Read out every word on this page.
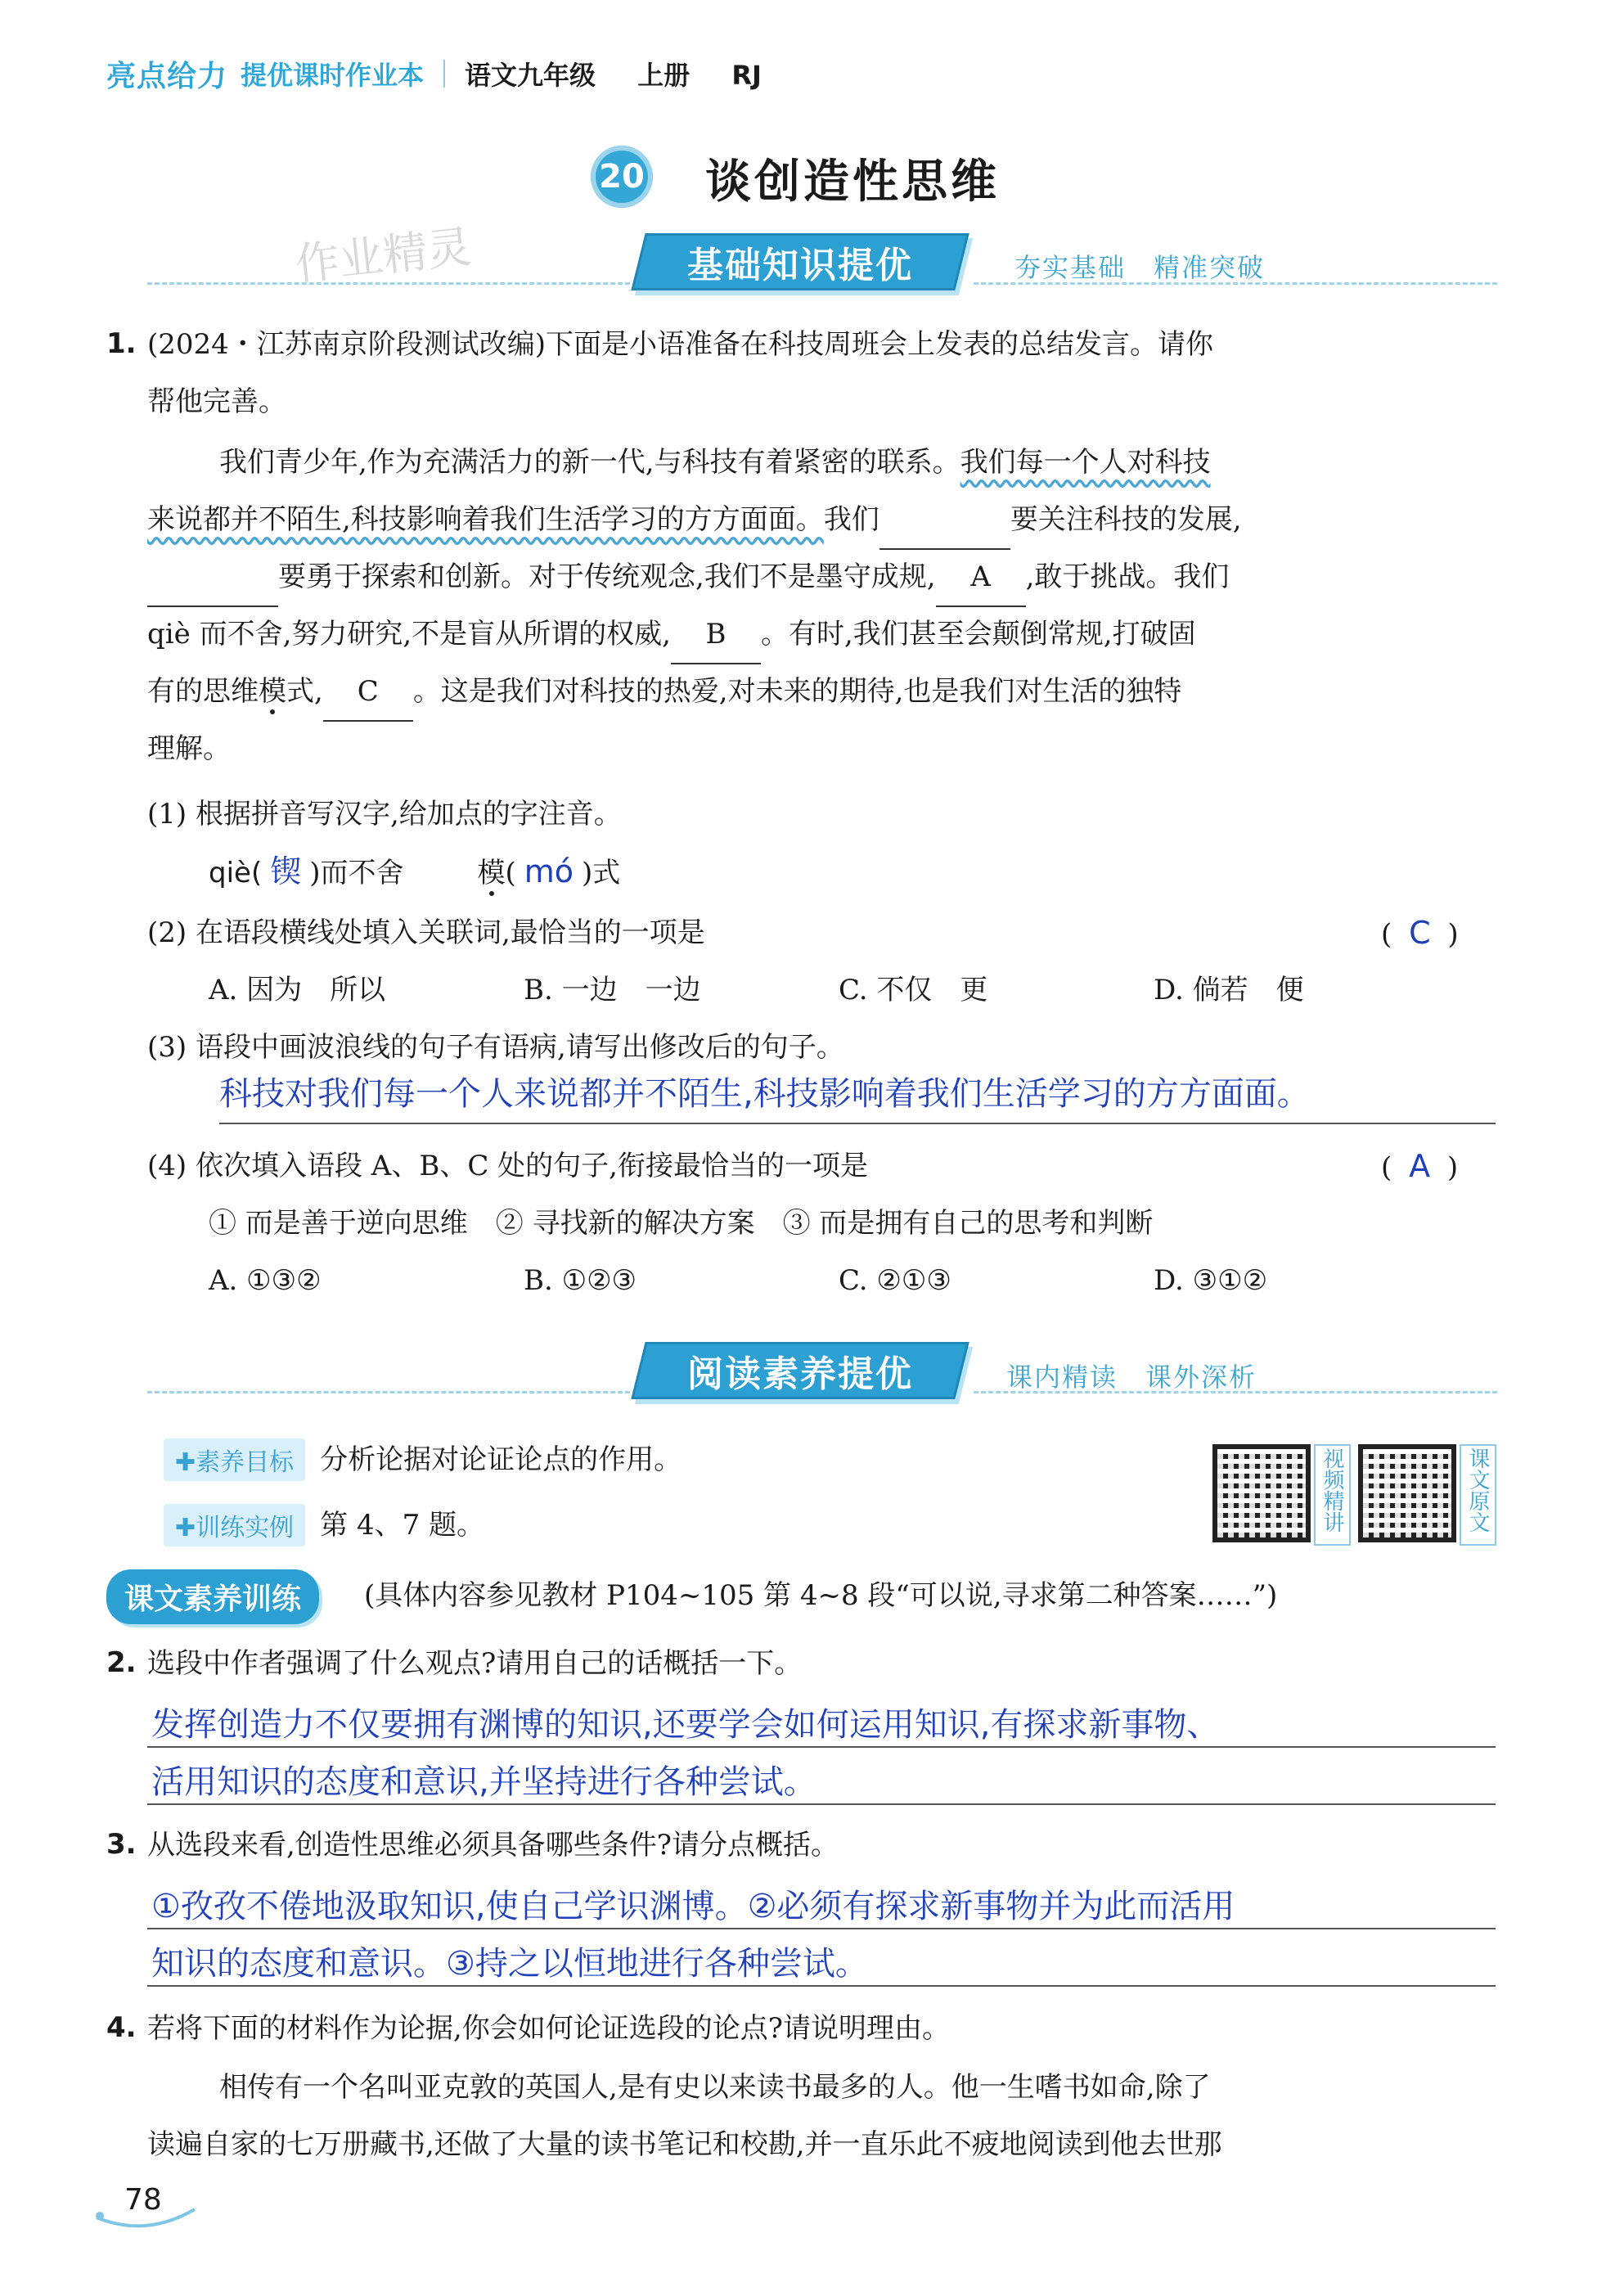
亮点给力 提优课时作业本 语文九年级 上册 RJ
20 谈创造性思维
作业精灵	基础知识提优	夯实基础　精准突破
1. (2024・江苏南京阶段测试改编)下面是小语准备在科技周班会上发表的总结发言。请你
帮他完善。
我们青少年,作为充满活力的新一代,与科技有着紧密的联系。我们每一个人对科技
来说都并不陌生,科技影响着我们生活学习的方方面面。我们	要关注科技的发展,
要勇于探索和创新。对于传统观念,我们不是墨守成规, A ,敢于挑战。我们
qiè 而不舍,努力研究,不是盲从所谓的权威, B 。有时,我们甚至会颠倒常规,打破固
有的思维模式, C 。这是我们对科技的热爱,对未来的期待,也是我们对生活的独特
理解。
(1) 根据拼音写汉字,给加点的字注音。
qiè( 锲 )而不舍	模( mó )式
(2) 在语段横线处填入关联词,最恰当的一项是	( C )
A. 因为　所以	B. 一边　一边	C. 不仅　更	D. 倘若　便
(3) 语段中画波浪线的句子有语病,请写出修改后的句子。
科技对我们每一个人来说都并不陌生,科技影响着我们生活学习的方方面面。
(4) 依次填入语段 A、B、C 处的句子,衔接最恰当的一项是	( A )
① 而是善于逆向思维　② 寻找新的解决方案　③ 而是拥有自己的思考和判断
A. ①③②	B. ①②③	C. ②①③	D. ③①②
阅读素养提优	课内精读　课外深析
✚素养目标 分析论据对论证论点的作用。
✚训练实例 第 4、7 题。	视频精讲	课文原文
课文素养训练	(具体内容参见教材 P104~105 第 4~8 段“可以说,寻求第二种答案……”)
2. 选段中作者强调了什么观点?请用自己的话概括一下。
发挥创造力不仅要拥有渊博的知识,还要学会如何运用知识,有探求新事物、
活用知识的态度和意识,并坚持进行各种尝试。
3. 从选段来看,创造性思维必须具备哪些条件?请分点概括。
①孜孜不倦地汲取知识,使自己学识渊博。②必须有探求新事物并为此而活用
知识的态度和意识。③持之以恒地进行各种尝试。
4. 若将下面的材料作为论据,你会如何论证选段的论点?请说明理由。
相传有一个名叫亚克敦的英国人,是有史以来读书最多的人。他一生嗜书如命,除了
读遍自家的七万册藏书,还做了大量的读书笔记和校勘,并一直乐此不疲地阅读到他去世那
78
